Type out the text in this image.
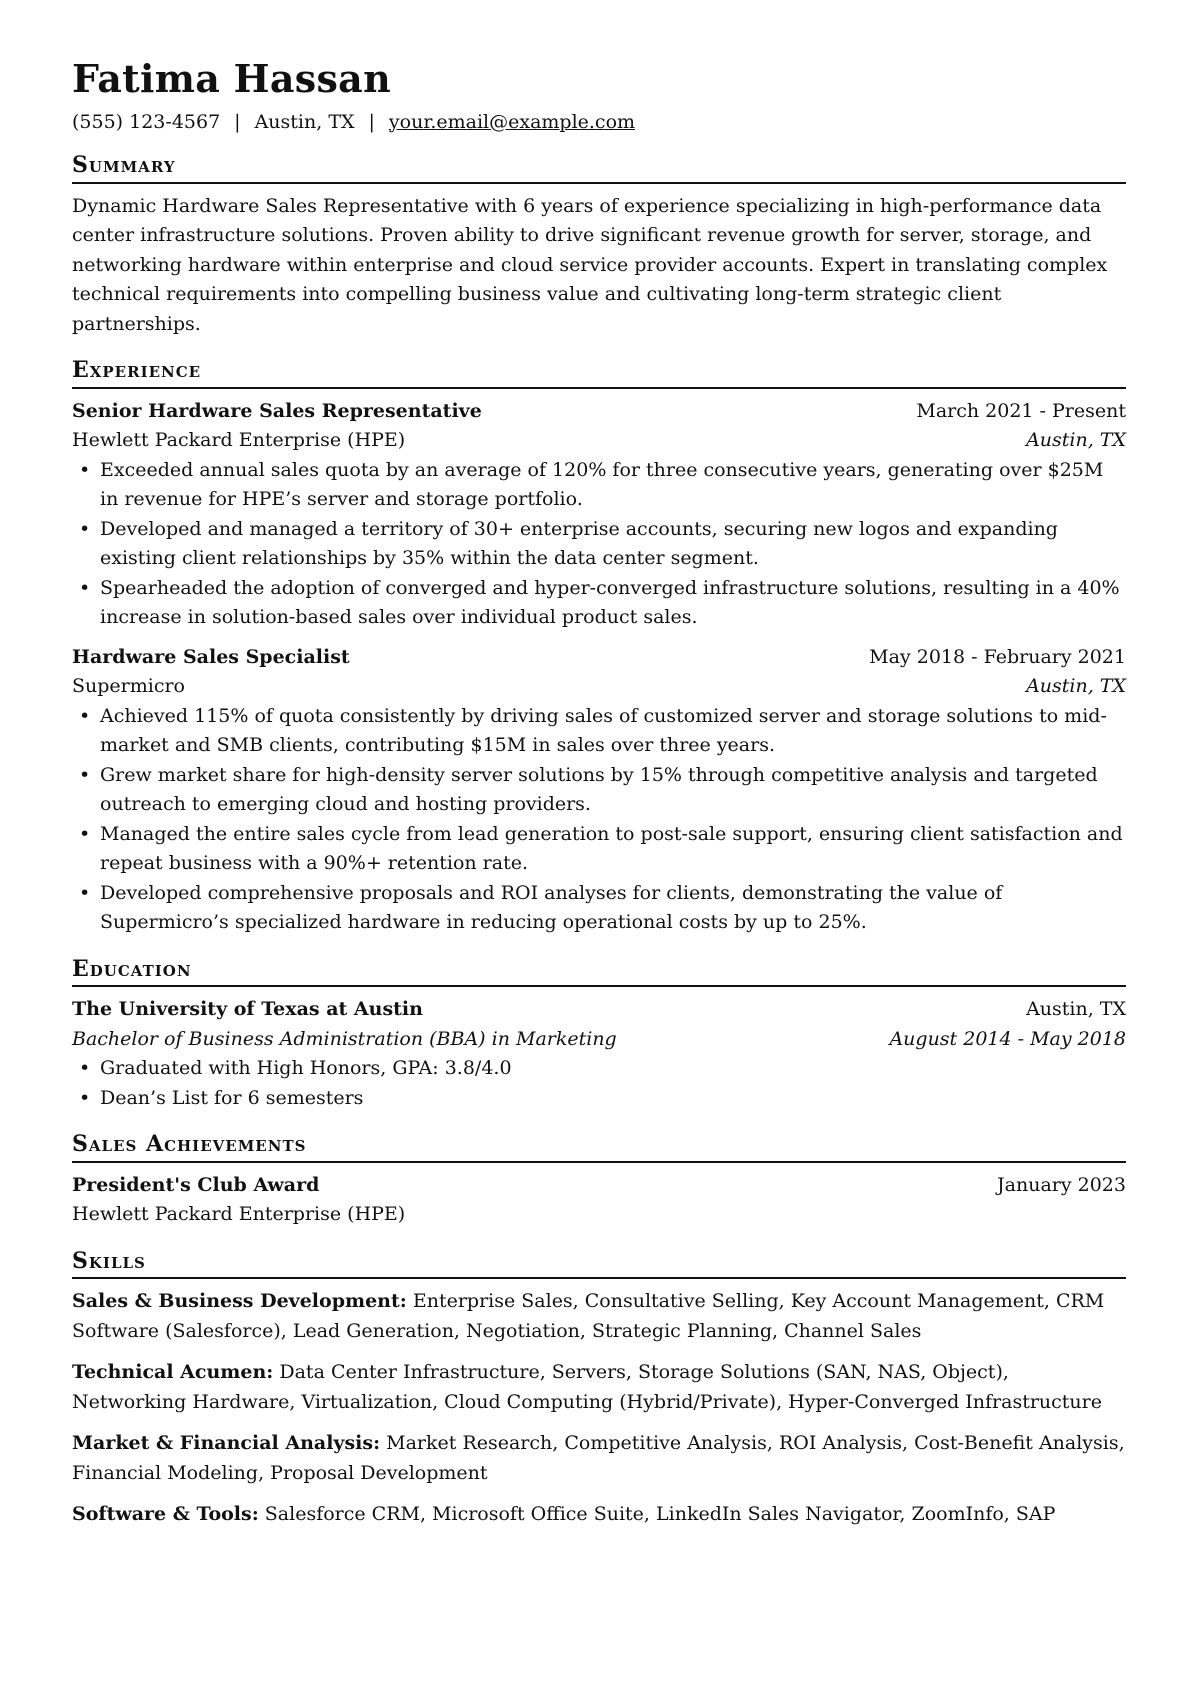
Fatima Hassan
(555) 123-4567 | Austin, TX | your.email@example.com
Summary

Dynamic Hardware Sales Representative with 6 years of experience specializing in high-performance data center infrastructure solutions. Proven ability to drive significant revenue growth for server, storage, and networking hardware within enterprise and cloud service provider accounts. Expert in translating complex technical requirements into compelling business value and cultivating long-term strategic client partnerships.

Experience
Senior Hardware Sales Representative	March 2021 - Present
Hewlett Packard Enterprise (HPE)	Austin, TX
• Exceeded annual sales quota by an average of 120% for three consecutive years, generating over $25M in revenue for HPE’s server and storage portfolio.
• Developed and managed a territory of 30+ enterprise accounts, securing new logos and expanding existing client relationships by 35% within the data center segment.
• Spearheaded the adoption of converged and hyper-converged infrastructure solutions, resulting in a 40% increase in solution-based sales over individual product sales.
Hardware Sales Specialist	May 2018 - February 2021
Supermicro	Austin, TX
• Achieved 115% of quota consistently by driving sales of customized server and storage solutions to mid-market and SMB clients, contributing $15M in sales over three years.
• Grew market share for high-density server solutions by 15% through competitive analysis and targeted outreach to emerging cloud and hosting providers.
• Managed the entire sales cycle from lead generation to post-sale support, ensuring client satisfaction and repeat business with a 90%+ retention rate.
• Developed comprehensive proposals and ROI analyses for clients, demonstrating the value of Supermicro’s specialized hardware in reducing operational costs by up to 25%.
Education
The University of Texas at Austin	Austin, TX
Bachelor of Business Administration (BBA) in Marketing	August 2014 - May 2018
• Graduated with High Honors, GPA: 3.8/4.0
• Dean’s List for 6 semesters
Sales Achievements
President's Club Award	January 2023
Hewlett Packard Enterprise (HPE)
Skills
Sales & Business Development: Enterprise Sales, Consultative Selling, Key Account Management, CRM Software (Salesforce), Lead Generation, Negotiation, Strategic Planning, Channel Sales
Technical Acumen: Data Center Infrastructure, Servers, Storage Solutions (SAN, NAS, Object), Networking Hardware, Virtualization, Cloud Computing (Hybrid/Private), Hyper-Converged Infrastructure
Market & Financial Analysis: Market Research, Competitive Analysis, ROI Analysis, Cost-Benefit Analysis, Financial Modeling, Proposal Development
Software & Tools: Salesforce CRM, Microsoft Office Suite, LinkedIn Sales Navigator, ZoomInfo, SAP
